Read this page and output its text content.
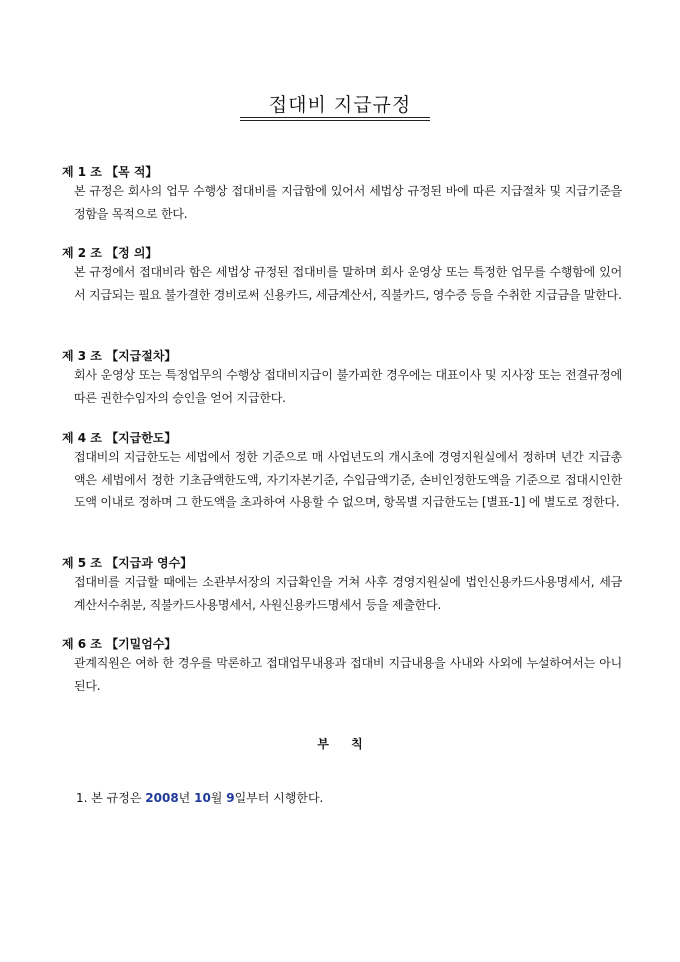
접대비 지급규정

제 1 조 【목 적】

본 규정은 회사의 업무 수행상 접대비를 지급함에 있어서 세법상 규정된 바에 따른 지급절차 및 지급기준을 정함을 목적으로 한다.

제 2 조 【정 의】

본 규정에서 접대비라 함은 세법상 규정된 접대비를 말하며 회사 운영상 또는 특정한 업무를 수행함에 있어서 지급되는 필요 불가결한 경비로써 신용카드, 세금계산서, 직불카드, 영수증 등을 수취한 지급금을 말한다.

제 3 조 【지급절차】

회사 운영상 또는 특정업무의 수행상 접대비지급이 불가피한 경우에는 대표이사 및 지사장 또는 전결규정에 따른 권한수임자의 승인을 얻어 지급한다.

제 4 조 【지급한도】

접대비의 지급한도는 세법에서 정한 기준으로 매 사업년도의 개시초에 경영지원실에서 정하며 년간 지급총액은 세법에서 정한 기초금액한도액, 자기자본기준, 수입금액기준, 손비인정한도액을 기준으로 접대시인한도액 이내로 정하며 그 한도액을 초과하여 사용할 수 없으며, 항목별 지급한도는 [별표-1] 에 별도로 정한다.

제 5 조 【지급과 영수】

접대비를 지급할 때에는 소관부서장의 지급확인을 거쳐 사후 경영지원실에 법인신용카드사용명세서, 세금계산서수취분, 직불카드사용명세서, 사원신용카드명세서 등을 제출한다.

제 6 조 【기밀엄수】

관계직원은 여하 한 경우를 막론하고 접대업무내용과 접대비 지급내용을 사내와 사외에 누설하여서는 아니 된다.

부 칙
1. 본 규정은 2008년 10월 9일부터 시행한다.
